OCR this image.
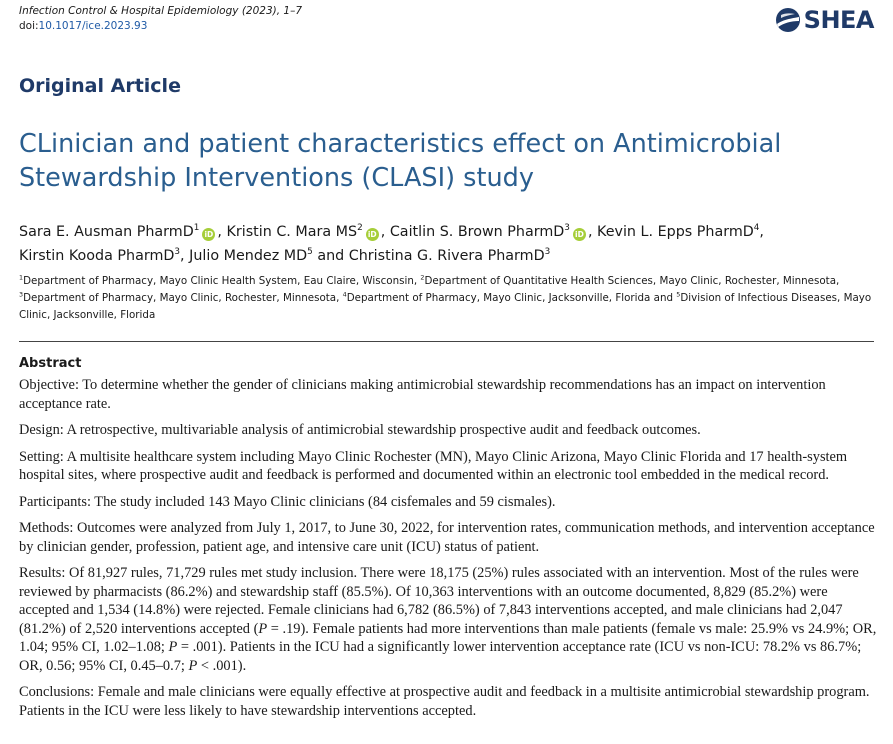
Infection Control & Hospital Epidemiology (2023), 1–7
doi:10.1017/ice.2023.93	SHEA
Original Article
CLinician and patient characteristics effect on Antimicrobial Stewardship Interventions (CLASI) study
Sara E. Ausman PharmD$^1$iD , Kristin C. Mara $MS^2iD$ , Caitlin S. Brown PharmD$^3$iD , Kevin L. Epps PharmD$^4$,
Kirstin Kooda PharmD$^3$, Julio Mendez $MD^5$ and Christina G. Rivera PharmD$^3$
$^1$Department of Pharmacy, Mayo Clinic Health System, Eau Claire, Wisconsin, $^2$Department of Quantitative Health Sciences, Mayo Clinic, Rochester, Minnesota, $^3$Department of Pharmacy, Mayo Clinic, Rochester, Minnesota, $^4$Department of Pharmacy, Mayo Clinic, Jacksonville, Florida and $^5$Division of Infectious Diseases, Mayo Clinic, Jacksonville, Florida
Abstract

Objective: To determine whether the gender of clinicians making antimicrobial stewardship recommendations has an impact on intervention acceptance rate.

Design: A retrospective, multivariable analysis of antimicrobial stewardship prospective audit and feedback outcomes.

Setting: A multisite healthcare system including Mayo Clinic Rochester (MN), Mayo Clinic Arizona, Mayo Clinic Florida and 17 health-system hospital sites, where prospective audit and feedback is performed and documented within an electronic tool embedded in the medical record.

Participants: The study included 143 Mayo Clinic clinicians (84 cisfemales and 59 cismales).

Methods: Outcomes were analyzed from July 1, 2017, to June 30, 2022, for intervention rates, communication methods, and intervention acceptance by clinician gender, profession, patient age, and intensive care unit (ICU) status of patient.

Results: Of 81,927 rules, 71,729 rules met study inclusion. There were 18,175 (25%) rules associated with an intervention. Most of the rules were reviewed by pharmacists (86.2%) and stewardship staff (85.5%). Of 10,363 interventions with an outcome documented, 8,829 (85.2%) were accepted and 1,534 (14.8%) were rejected. Female clinicians had 6,782 (86.5%) of 7,843 interventions accepted, and male clinicians had 2,047 (81.2%) of 2,520 interventions accepted (P = .19). Female patients had more interventions than male patients (female vs male: 25.9% vs 24.9%; OR, 1.04; 95% CI, 1.02–1.08; P = .001). Patients in the ICU had a significantly lower intervention acceptance rate (ICU vs non-ICU: 78.2% vs 86.7%; OR, 0.56; 95% CI, 0.45–0.7; P < .001).

Conclusions: Female and male clinicians were equally effective at prospective audit and feedback in a multisite antimicrobial stewardship program. Patients in the ICU were less likely to have stewardship interventions accepted.
